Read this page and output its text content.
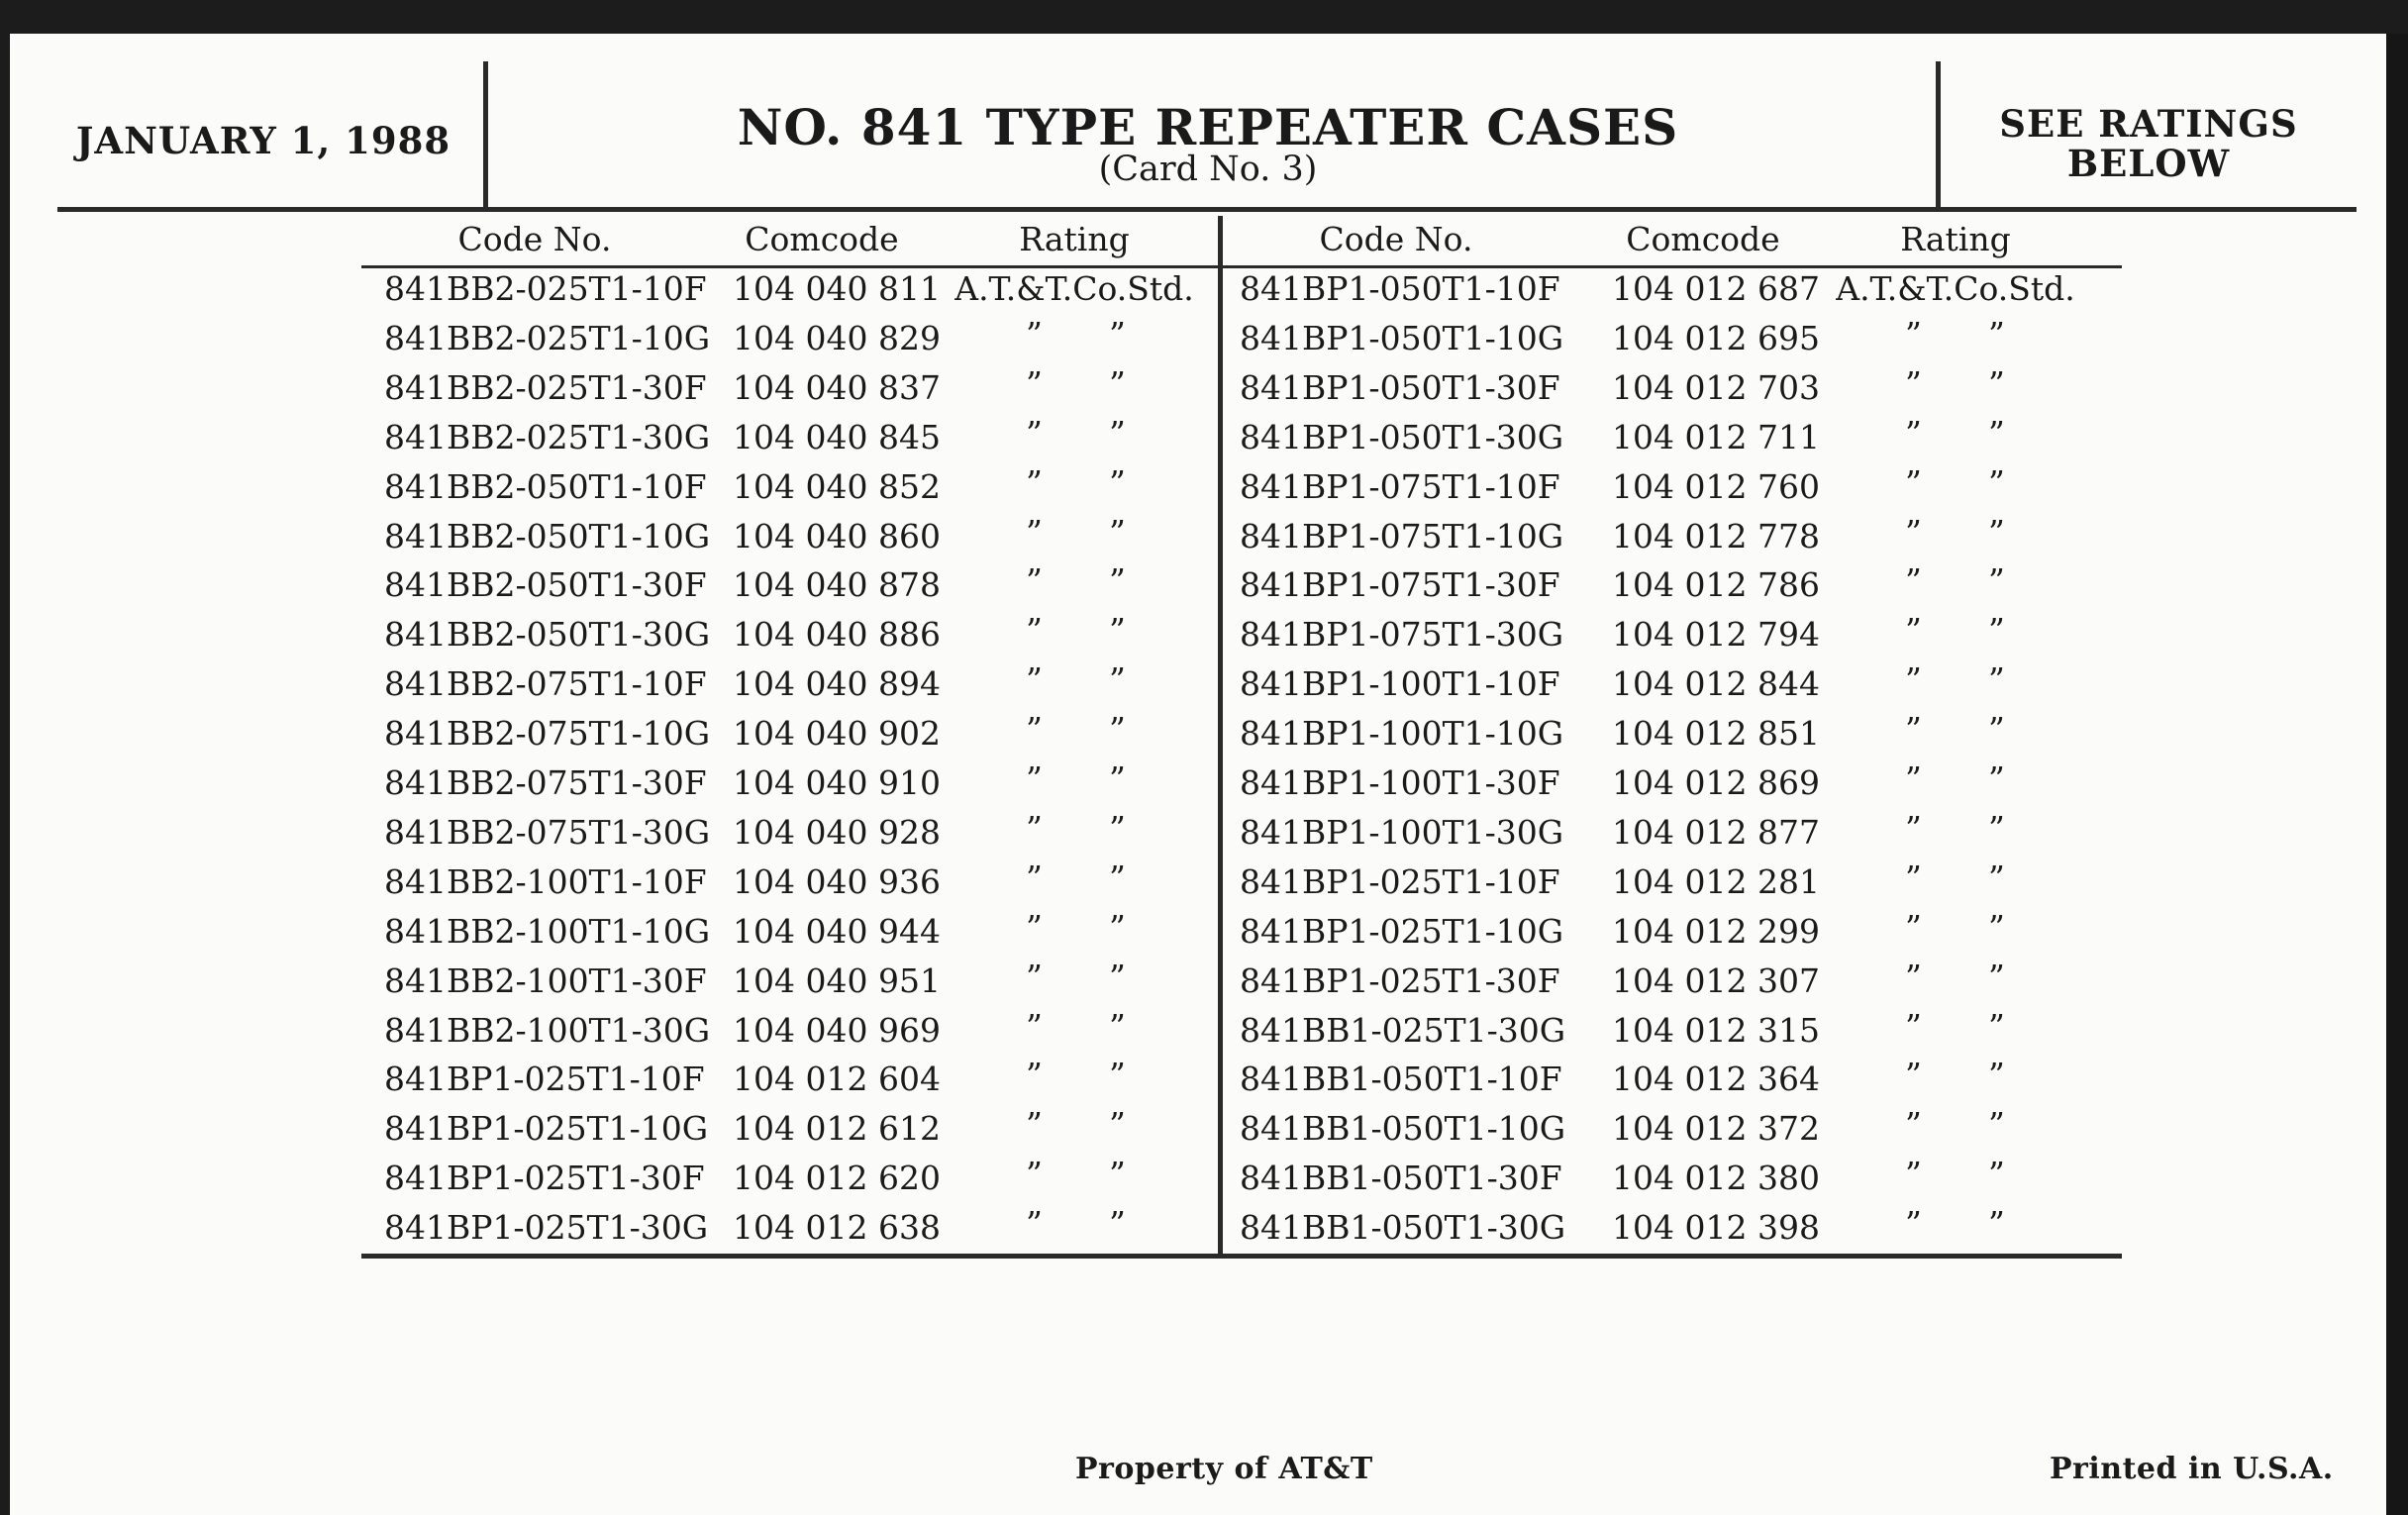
JANUARY 1, 1988	NO. 841 TYPE REPEATER CASES
(Card No. 3)
SEE RATINGS
BELOW
Code No.	Comcode	Rating	Code No.	Comcode	Rating
841BB2-025T1-10F 104 040 811 A.T.&T.Co.Std.
841BB2-025T1-10G 104 040 829	” ”
841BB2-025T1-30F 104 040 837	” ”
841BB2-025T1-30G 104 040 845	” ”
841BB2-050T1-10F 104 040 852	” ”
841BB2-050T1-10G 104 040 860	” ”
841BB2-050T1-30F 104 040 878	” ”
841BB2-050T1-30G 104 040 886	” ”
841BB2-075T1-10F 104 040 894	” ”
841BB2-075T1-10G 104 040 902	” ”
841BB2-075T1-30F 104 040 910	” ”
841BB2-075T1-30G 104 040 928	” ”
841BB2-100T1-10F 104 040 936	” ”
841BB2-100T1-10G 104 040 944	” ”
841BB2-100T1-30F 104 040 951	” ”
841BB2-100T1-30G 104 040 969	” ”
841BP1-025T1-10F 104 012 604	” ”
841BP1-025T1-10G 104 012 612	” ”
841BP1-025T1-30F 104 012 620	” ”
841BP1-025T1-30G 104 012 638	” ”
841BP1-050T1-10F 104 012 687 A.T.&T.Co.Std.
841BP1-050T1-10G 104 012 695	” ”
841BP1-050T1-30F 104 012 703	” ”
841BP1-050T1-30G 104 012 711	” ”
841BP1-075T1-10F 104 012 760	” ”
841BP1-075T1-10G 104 012 778	” ”
841BP1-075T1-30F 104 012 786	” ”
841BP1-075T1-30G 104 012 794	” ”
841BP1-100T1-10F 104 012 844	” ”
841BP1-100T1-10G 104 012 851	” ”
841BP1-100T1-30F 104 012 869	” ”
841BP1-100T1-30G 104 012 877	” ”
841BP1-025T1-10F 104 012 281	” ”
841BP1-025T1-10G 104 012 299	” ”
841BP1-025T1-30F 104 012 307	” ”
841BB1-025T1-30G 104 012 315	” ”
841BB1-050T1-10F 104 012 364	” ”
841BB1-050T1-10G 104 012 372	” ”
841BB1-050T1-30F 104 012 380	” ”
841BB1-050T1-30G 104 012 398	” ”
Property of AT&T	Printed in U.S.A.
